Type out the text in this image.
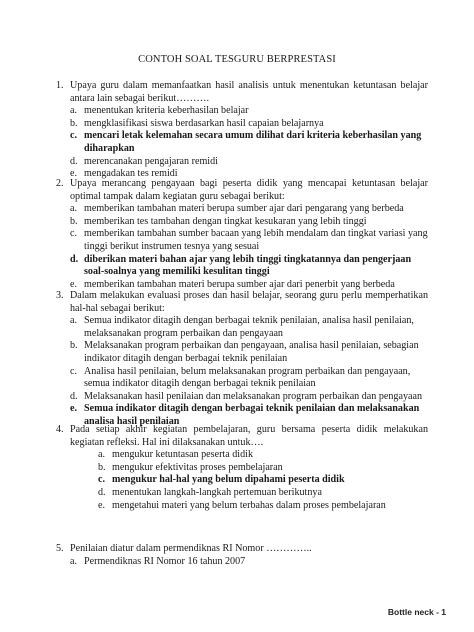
CONTOH SOAL TESGURU BERPRESTASI
1. Upaya guru dalam memanfaatkan hasil analisis untuk menentukan ketuntasan belajar antara lain sebagai berikut……….
a. menentukan kriteria keberhasilan belajar
b. mengklasifikasi siswa berdasarkan hasil capaian belajarnya
c. mencari letak kelemahan secara umum dilihat dari kriteria keberhasilan yang diharapkan
d. merencanakan pengajaran remidi
e. mengadakan tes remidi
2. Upaya merancang pengayaan bagi peserta didik yang mencapai ketuntasan belajar optimal tampak dalam kegiatan guru sebagai berikut:
a. memberikan tambahan materi berupa sumber ajar dari pengarang yang berbeda
b. memberikan tes tambahan dengan tingkat kesukaran yang lebih tinggi
c. memberikan tambahan sumber bacaan yang lebih mendalam dan tingkat variasi yang tinggi berikut instrumen tesnya yang sesuai
d. diberikan materi bahan ajar yang lebih tinggi tingkatannya dan pengerjaan soal-soalnya yang memiliki kesulitan tinggi
e. memberikan tambahan materi berupa sumber ajar dari penerbit yang berbeda
3. Dalam melakukan evaluasi proses dan hasil belajar, seorang guru perlu memperhatikan hal-hal sebagai berikut:
a. Semua indikator ditagih dengan berbagai teknik penilaian, analisa hasil penilaian, melaksanakan program perbaikan dan pengayaan
b. Melaksanakan program perbaikan dan pengayaan, analisa hasil penilaian, sebagian indikator ditagih dengan berbagai teknik penilaian
c. Analisa hasil penilaian, belum melaksanakan program perbaikan dan pengayaan, semua indikator ditagih dengan berbagai teknik penilaian
d. Melaksanakan hasil penilaian dan melaksanakan program perbaikan dan pengayaan
e. Semua indikator ditagih dengan berbagai teknik penilaian dan melaksanakan analisa hasil penilaian
4. Pada setiap akhir kegiatan pembelajaran, guru bersama peserta didik melakukan kegiatan refleksi. Hal ini dilaksanakan untuk….
a. mengukur ketuntasan peserta didik
b. mengukur efektivitas proses pembelajaran
c. mengukur hal-hal yang belum dipahami peserta didik
d. menentukan langkah-langkah pertemuan berikutnya
e. mengetahui materi yang belum terbahas dalam proses pembelajaran
5. Penilaian diatur dalam permendiknas RI Nomor …………..
a. Permendiknas RI Nomor 16 tahun 2007
Bottle neck - 1
